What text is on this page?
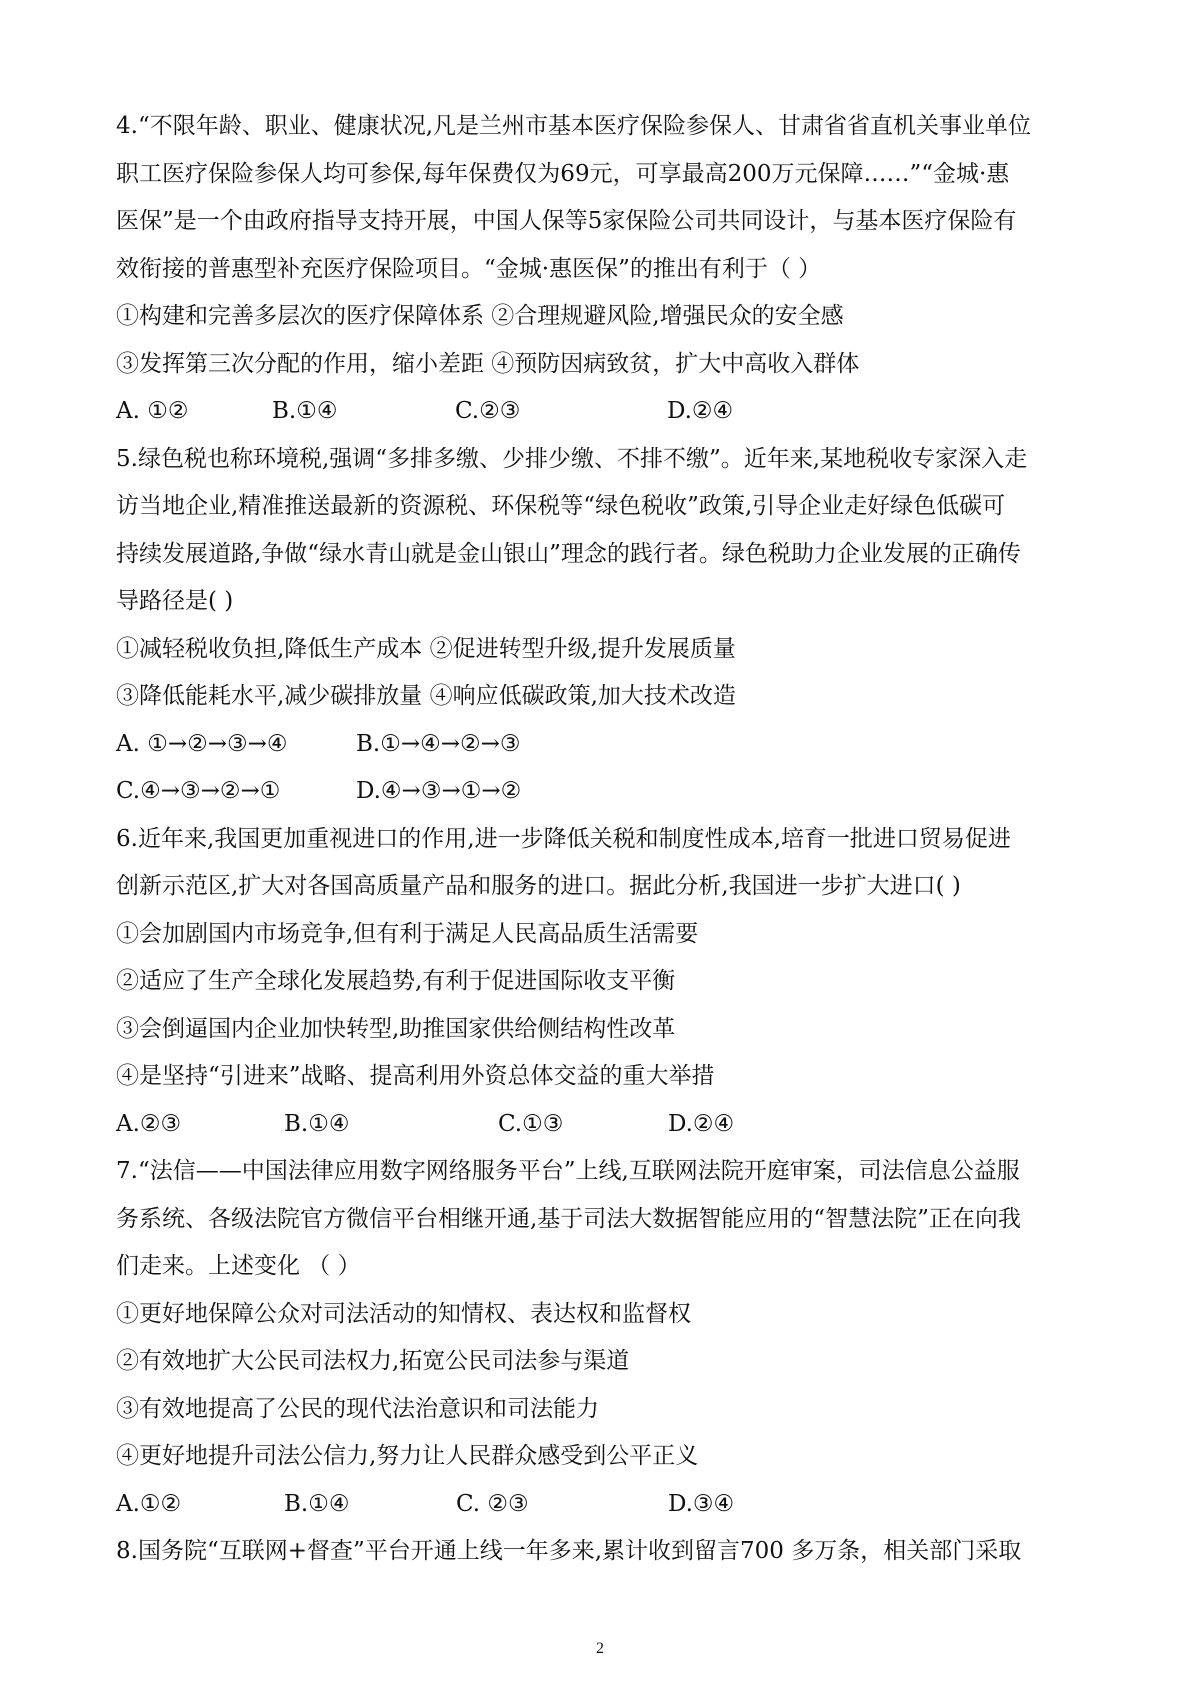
4.“不限年龄、职业、健康状况,凡是兰州市基本医疗保险参保人、甘肃省省直机关事业单位
职工医疗保险参保人均可参保,每年保费仅为69元，可享最高200万元保障……”“金城·惠
医保”是一个由政府指导支持开展，中国人保等5家保险公司共同设计，与基本医疗保险有
效衔接的普惠型补充医疗保险项目。“金城·惠医保”的推出有利于（ ）
①构建和完善多层次的医疗保障体系 ②合理规避风险,增强民众的安全感
③发挥第三次分配的作用，缩小差距 ④预防因病致贫，扩大中高收入群体
A. ①②	B.①④	C.②③	D.②④
5.绿色税也称环境税,强调“多排多缴、少排少缴、不排不缴”。近年来,某地税收专家深入走
访当地企业,精准推送最新的资源税、环保税等“绿色税收”政策,引导企业走好绿色低碳可
持续发展道路,争做“绿水青山就是金山银山”理念的践行者。绿色税助力企业发展的正确传
导路径是( )
①减轻税收负担,降低生产成本 ②促进转型升级,提升发展质量
③降低能耗水平,减少碳排放量 ④响应低碳政策,加大技术改造
A. ①→②→③→④	B.①→④→②→③
C.④→③→②→①	D.④→③→①→②
6.近年来,我国更加重视进口的作用,进一步降低关税和制度性成本,培育一批进口贸易促进
创新示范区,扩大对各国高质量产品和服务的进口。据此分析,我国进一步扩大进口( )
①会加剧国内市场竞争,但有利于满足人民高品质生活需要
②适应了生产全球化发展趋势,有利于促进国际收支平衡
③会倒逼国内企业加快转型,助推国家供给侧结构性改革
④是坚持“引进来”战略、提高利用外资总体交益的重大举措
A.②③	B.①④	C.①③	D.②④
7.“法信——中国法律应用数字网络服务平台”上线,互联网法院开庭审案，司法信息公益服
务系统、各级法院官方微信平台相继开通,基于司法大数据智能应用的“智慧法院”正在向我
们走来。上述变化 （ ）
①更好地保障公众对司法活动的知情权、表达权和监督权
②有效地扩大公民司法权力,拓宽公民司法参与渠道
③有效地提高了公民的现代法治意识和司法能力
④更好地提升司法公信力,努力让人民群众感受到公平正义
A.①②	B.①④	C. ②③	D.③④
8.国务院“互联网+督查”平台开通上线一年多来,累计收到留言700 多万条，相关部门采取
2
